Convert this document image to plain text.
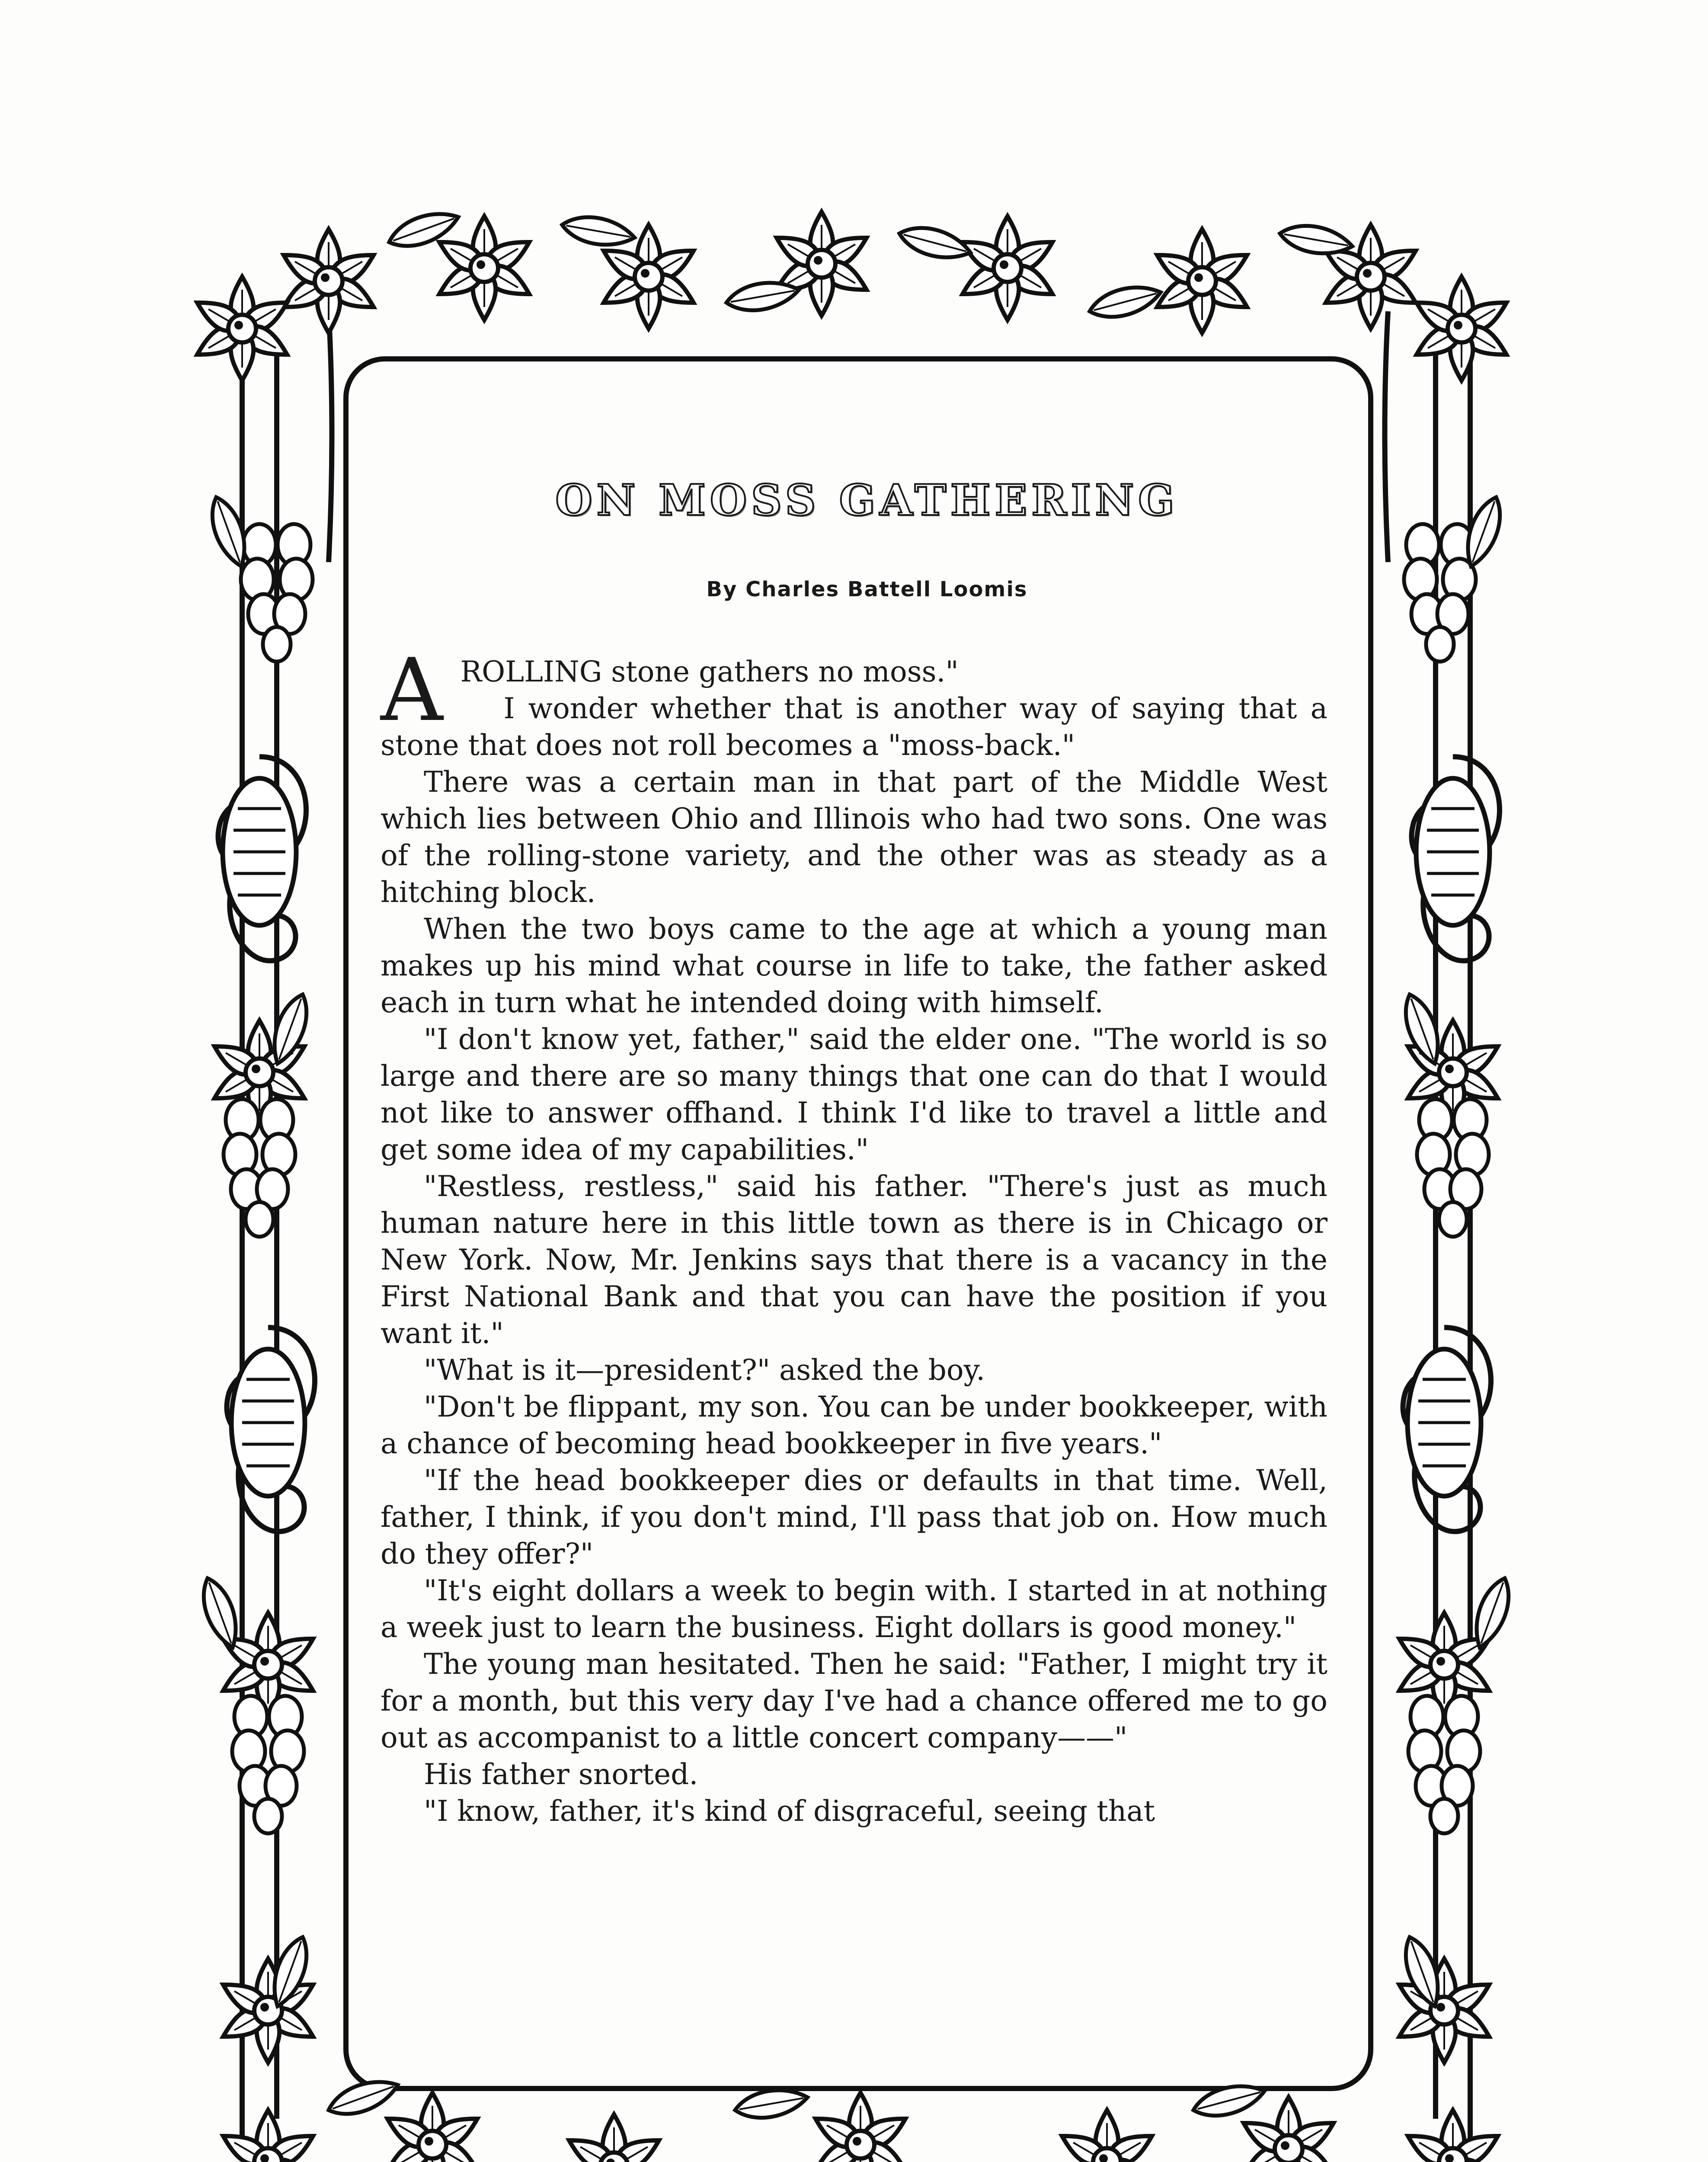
ON MOSS GATHERING
By Charles Battell Loomis
A ROLLING stone gathers no moss."
I wonder whether that is another way of saying that a stone that does not roll becomes a "moss-back."

There was a certain man in that part of the Middle West which lies between Ohio and Illinois who had two sons. One was of the rolling-stone variety, and the other was as steady as a hitching block.

When the two boys came to the age at which a young man makes up his mind what course in life to take, the father asked each in turn what he intended doing with himself.

"I don't know yet, father," said the elder one. "The world is so large and there are so many things that one can do that I would not like to answer offhand. I think I'd like to travel a little and get some idea of my capabilities."

"Restless, restless," said his father. "There's just as much human nature here in this little town as there is in Chicago or New York. Now, Mr. Jenkins says that there is a vacancy in the First National Bank and that you can have the position if you want it."

"What is it—president?" asked the boy.

"Don't be flippant, my son. You can be under bookkeeper, with a chance of becoming head bookkeeper in five years."

"If the head bookkeeper dies or defaults in that time. Well, father, I think, if you don't mind, I'll pass that job on. How much do they offer?"

"It's eight dollars a week to begin with. I started in at nothing a week just to learn the business. Eight dollars is good money."

The young man hesitated. Then he said: "Father, I might try it for a month, but this very day I've had a chance offered me to go out as accompanist to a little concert company——"

His father snorted.

"I know, father, it's kind of disgraceful, seeing that
